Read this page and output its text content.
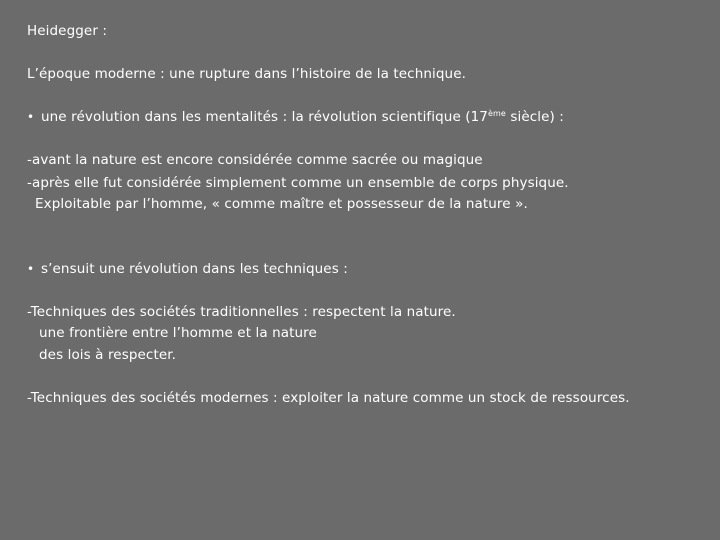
Heidegger :
L’époque moderne : une rupture dans l’histoire de la technique.
• une révolution dans les mentalités : la révolution scientifique (17ème siècle) :
-avant la nature est encore considérée comme sacrée ou magique
-après elle fut considérée simplement comme un ensemble de corps physique.
Exploitable par l’homme, « comme maître et possesseur de la nature ».
• s’ensuit une révolution dans les techniques :
-Techniques des sociétés traditionnelles : respectent la nature.
une frontière entre l’homme et la nature
des lois à respecter.
-Techniques des sociétés modernes : exploiter la nature comme un stock de ressources.
